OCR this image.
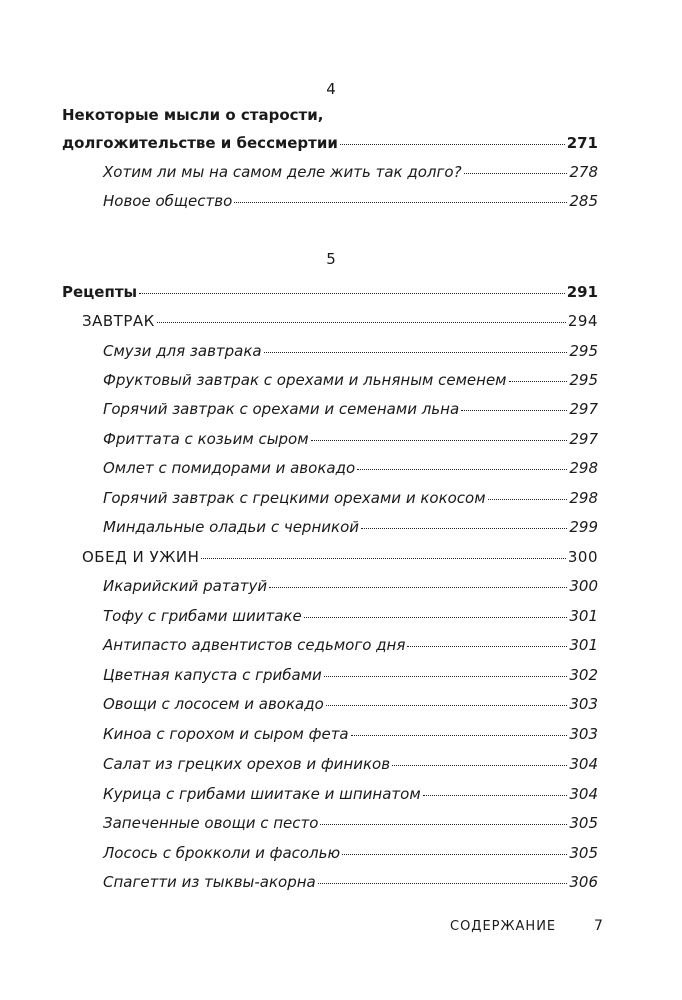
4
Некоторые мысли о старости,
долгожительстве и бессмертии	271
Хотим ли мы на самом деле жить так долго?	278
Новое общество	285
5
Рецепты	291
ЗАВТРАК	294
Смузи для завтрака	295
Фруктовый завтрак с орехами и льняным семенем	295
Горячий завтрак с орехами и семенами льна	297
Фриттата с козьим сыром	297
Омлет с помидорами и авокадо	298
Горячий завтрак с грецкими орехами и кокосом	298
Миндальные оладьи с черникой	299
ОБЕД И УЖИН	300
Икарийский рататуй	300
Тофу с грибами шиитаке	301
Антипасто адвентистов седьмого дня	301
Цветная капуста с грибами	302
Овощи с лососем и авокадо	303
Киноа с горохом и сыром фета	303
Салат из грецких орехов и фиников	304
Курица с грибами шиитаке и шпинатом	304
Запеченные овощи с песто	305
Лосось с брокколи и фасолью	305
Спагетти из тыквы-акорна	306
СОДЕРЖАНИЕ	7
